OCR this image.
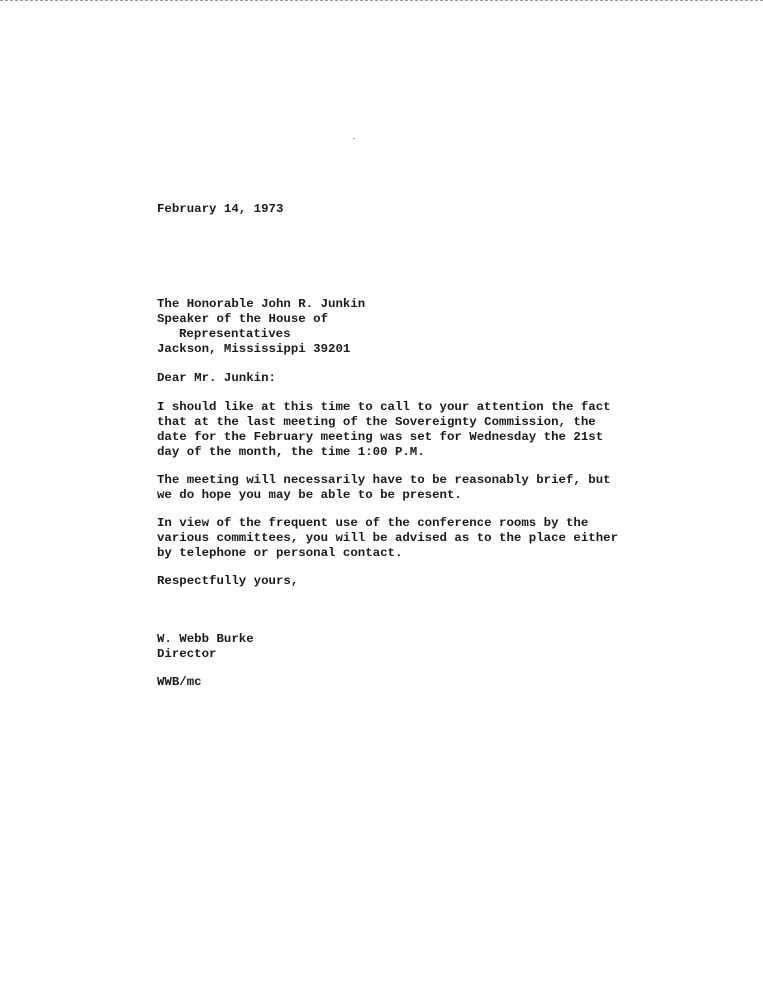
February 14, 1973
The Honorable John R. Junkin
Speaker of the House of
Representatives
Jackson, Mississippi 39201
Dear Mr. Junkin:
I should like at this time to call to your attention the fact
that at the last meeting of the Sovereignty Commission, the
date for the February meeting was set for Wednesday the 21st
day of the month, the time 1:00 P.M.
The meeting will necessarily have to be reasonably brief, but
we do hope you may be able to be present.
In view of the frequent use of the conference rooms by the
various committees, you will be advised as to the place either
by telephone or personal contact.
Respectfully yours,
W. Webb Burke
Director
WWB/mc
